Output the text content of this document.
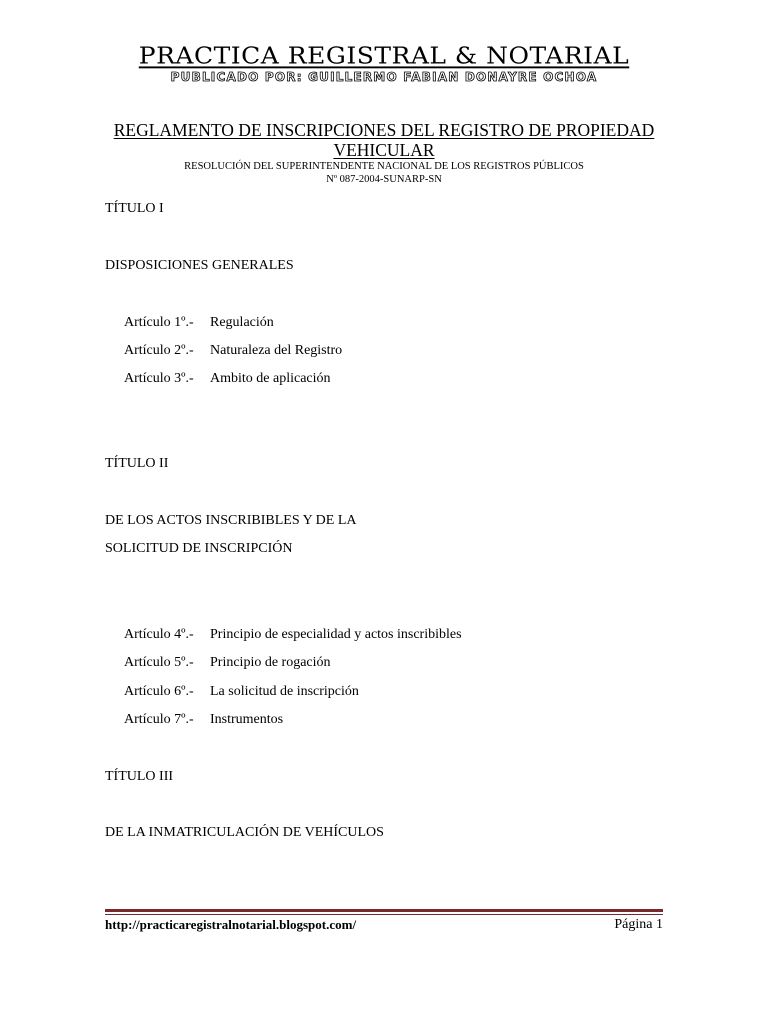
PRACTICA REGISTRAL & NOTARIAL
PUBLICADO POR: GUILLERMO FABIAN DONAYRE OCHOA
REGLAMENTO DE INSCRIPCIONES DEL REGISTRO DE PROPIEDAD
VEHICULAR
RESOLUCIÓN DEL SUPERINTENDENTE NACIONAL DE LOS REGISTROS PÚBLICOS
Nº 087-2004-SUNARP-SN
TÍTULO I
DISPOSICIONES GENERALES
Artículo 1º.- Regulación
Artículo 2º.- Naturaleza del Registro
Artículo 3º.- Ambito de aplicación
TÍTULO II
DE LOS ACTOS INSCRIBIBLES Y DE LA
SOLICITUD DE INSCRIPCIÓN
Artículo 4º.- Principio de especialidad y actos inscribibles
Artículo 5º.- Principio de rogación
Artículo 6º.- La solicitud de inscripción
Artículo 7º.- Instrumentos
TÍTULO III
DE LA INMATRICULACIÓN DE VEHÍCULOS
http://practicaregistralnotarial.blogspot.com/	Página 1
